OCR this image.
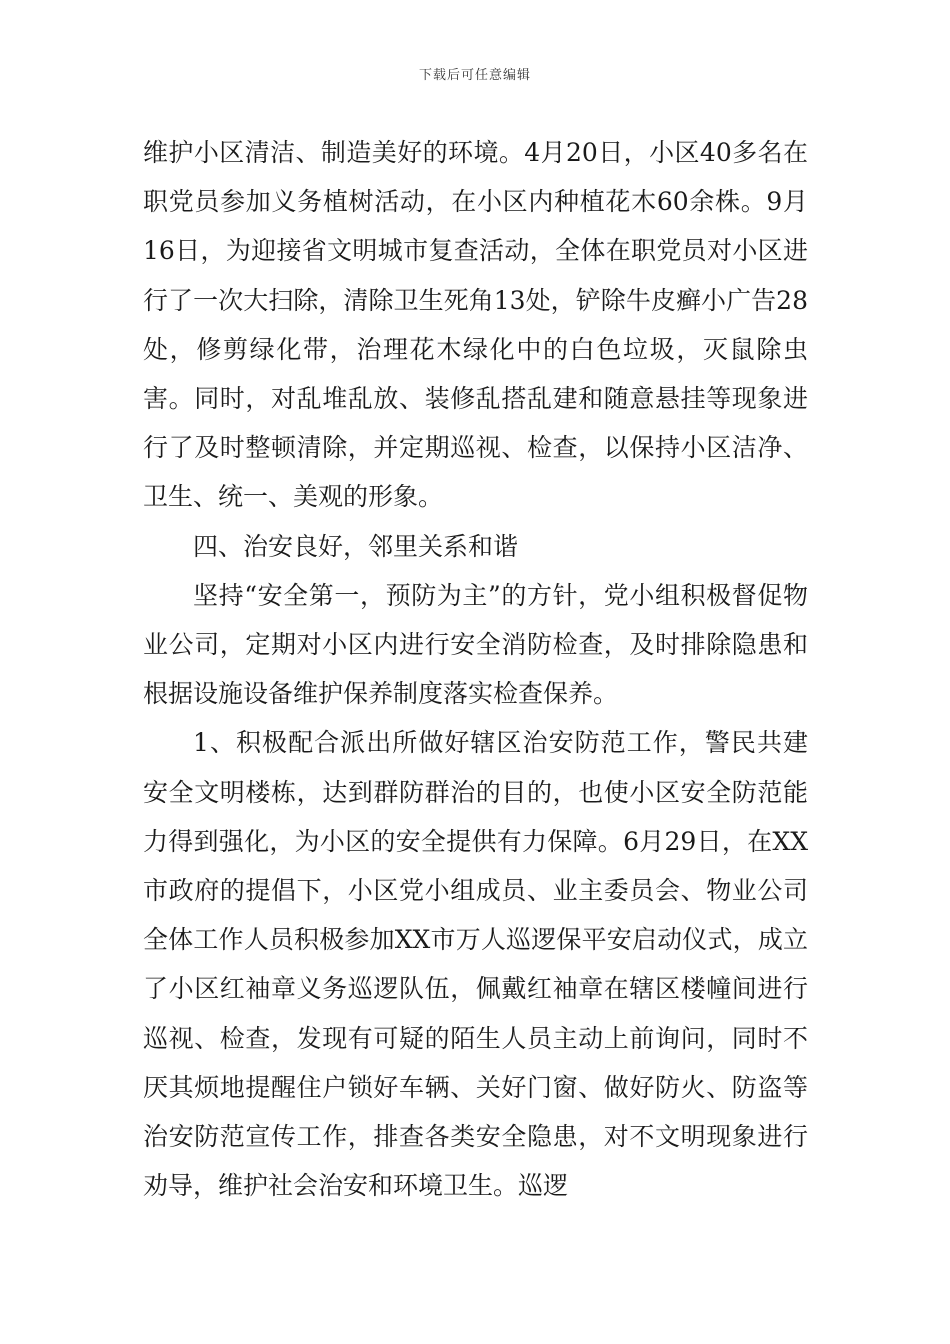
下载后可任意编辑

维护小区清洁、制造美好的环境。4月20日，小区40多名在职党员参加义务植树活动，在小区内种植花木60余株。9月16日，为迎接省文明城市复查活动，全体在职党员对小区进行了一次大扫除，清除卫生死角13处，铲除牛皮癣小广告28处，修剪绿化带，治理花木绿化中的白色垃圾，灭鼠除虫害。同时，对乱堆乱放、装修乱搭乱建和随意悬挂等现象进行了及时整顿清除，并定期巡视、检查，以保持小区洁净、卫生、统一、美观的形象。

四、治安良好，邻里关系和谐

坚持“安全第一，预防为主”的方针，党小组积极督促物业公司，定期对小区内进行安全消防检查，及时排除隐患和根据设施设备维护保养制度落实检查保养。

1、积极配合派出所做好辖区治安防范工作，警民共建安全文明楼栋，达到群防群治的目的，也使小区安全防范能力得到强化，为小区的安全提供有力保障。6月29日，在XX市政府的提倡下，小区党小组成员、业主委员会、物业公司全体工作人员积极参加XX市万人巡逻保平安启动仪式，成立了小区红袖章义务巡逻队伍，佩戴红袖章在辖区楼幢间进行巡视、检查，发现有可疑的陌生人员主动上前询问，同时不厌其烦地提醒住户锁好车辆、关好门窗、做好防火、防盗等治安防范宣传工作，排查各类安全隐患，对不文明现象进行劝导，维护社会治安和环境卫生。巡逻
